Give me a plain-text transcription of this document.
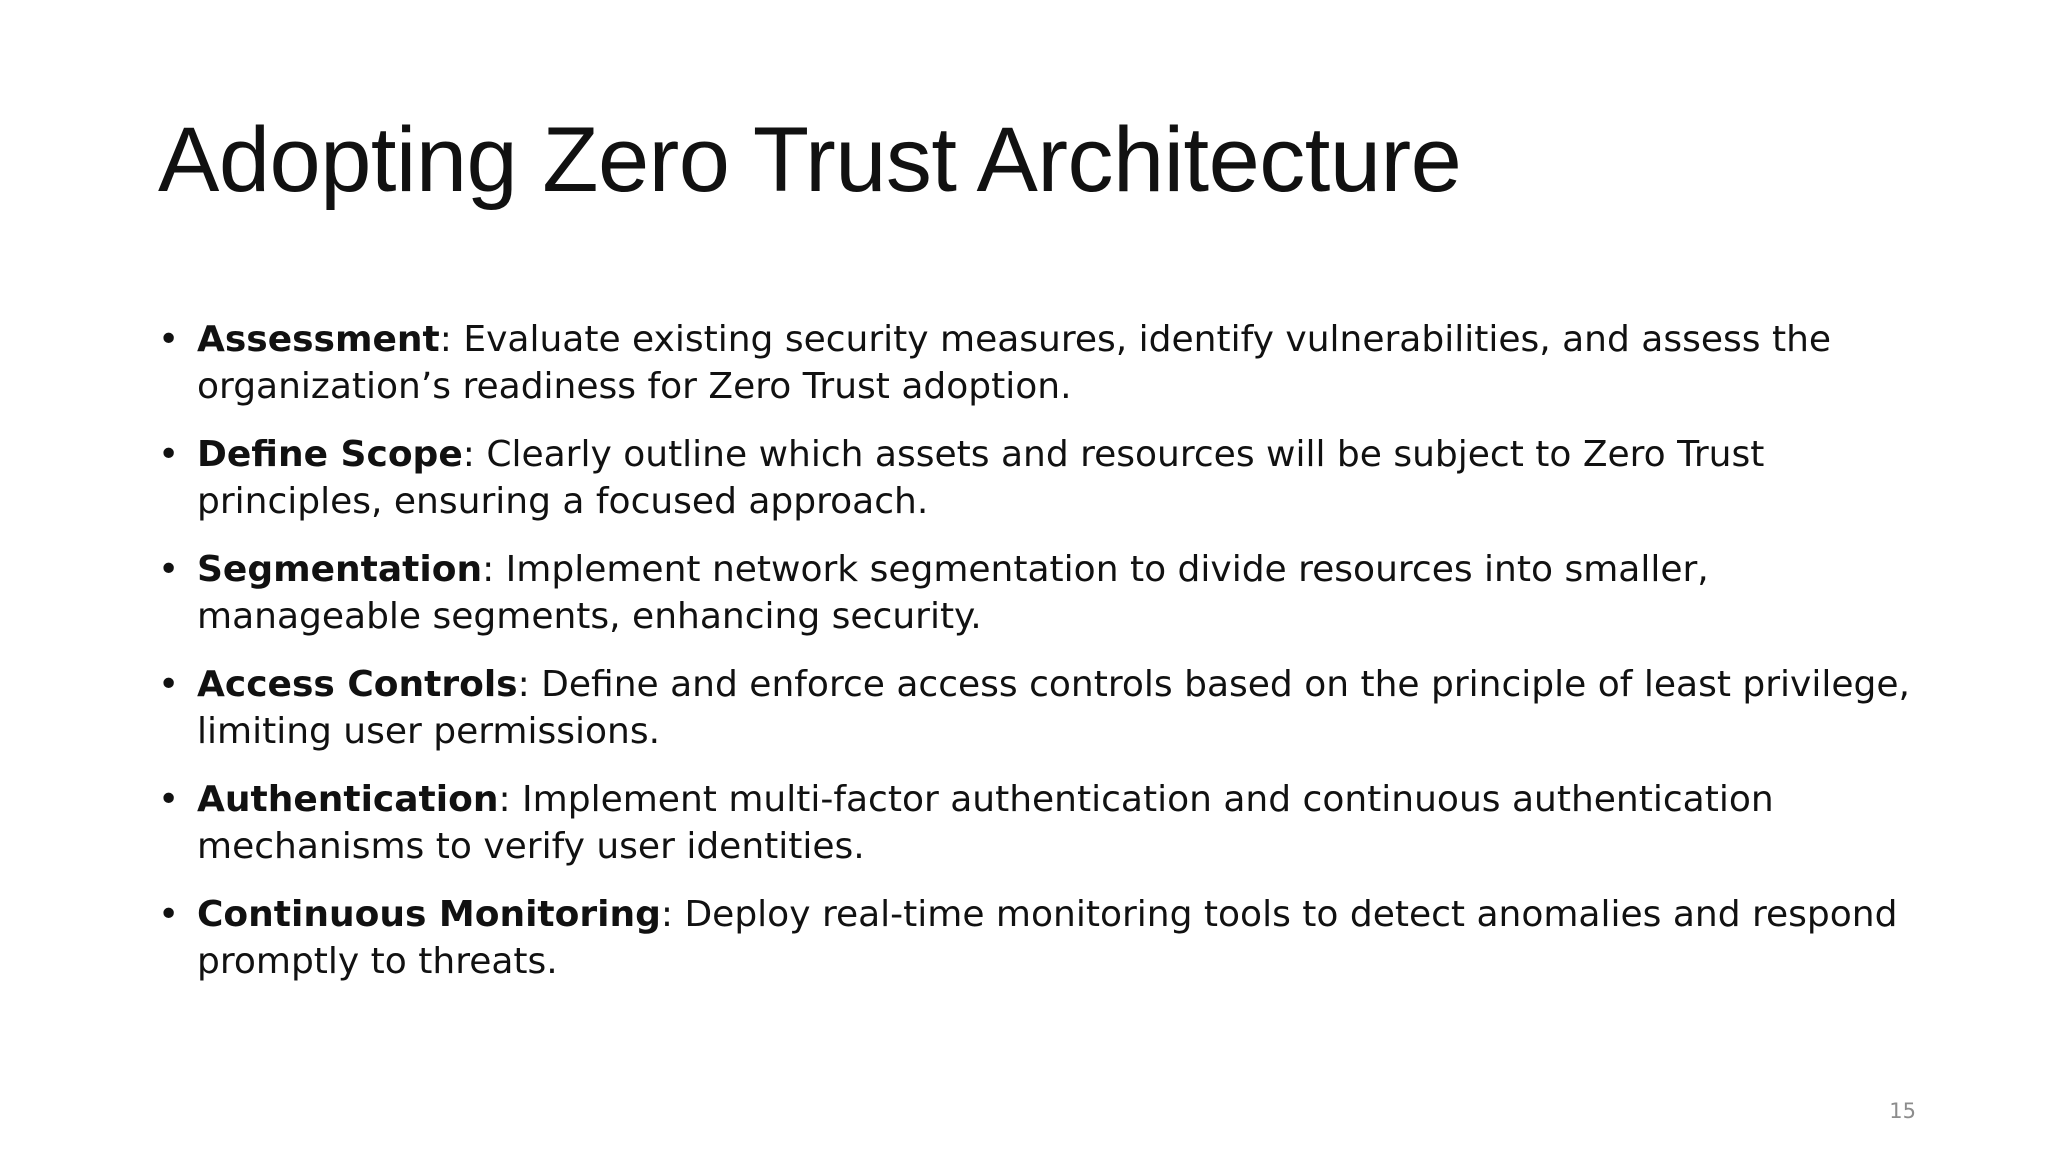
Adopting Zero Trust Architecture
• Assessment: Evaluate existing security measures, identify vulnerabilities, and assess the organization’s readiness for Zero Trust adoption.
• Define Scope: Clearly outline which assets and resources will be subject to Zero Trust principles, ensuring a focused approach.
• Segmentation: Implement network segmentation to divide resources into smaller, manageable segments, enhancing security.
• Access Controls: Define and enforce access controls based on the principle of least privilege, limiting user permissions.
• Authentication: Implement multi-factor authentication and continuous authentication mechanisms to verify user identities.
• Continuous Monitoring: Deploy real-time monitoring tools to detect anomalies and respond promptly to threats.
15
